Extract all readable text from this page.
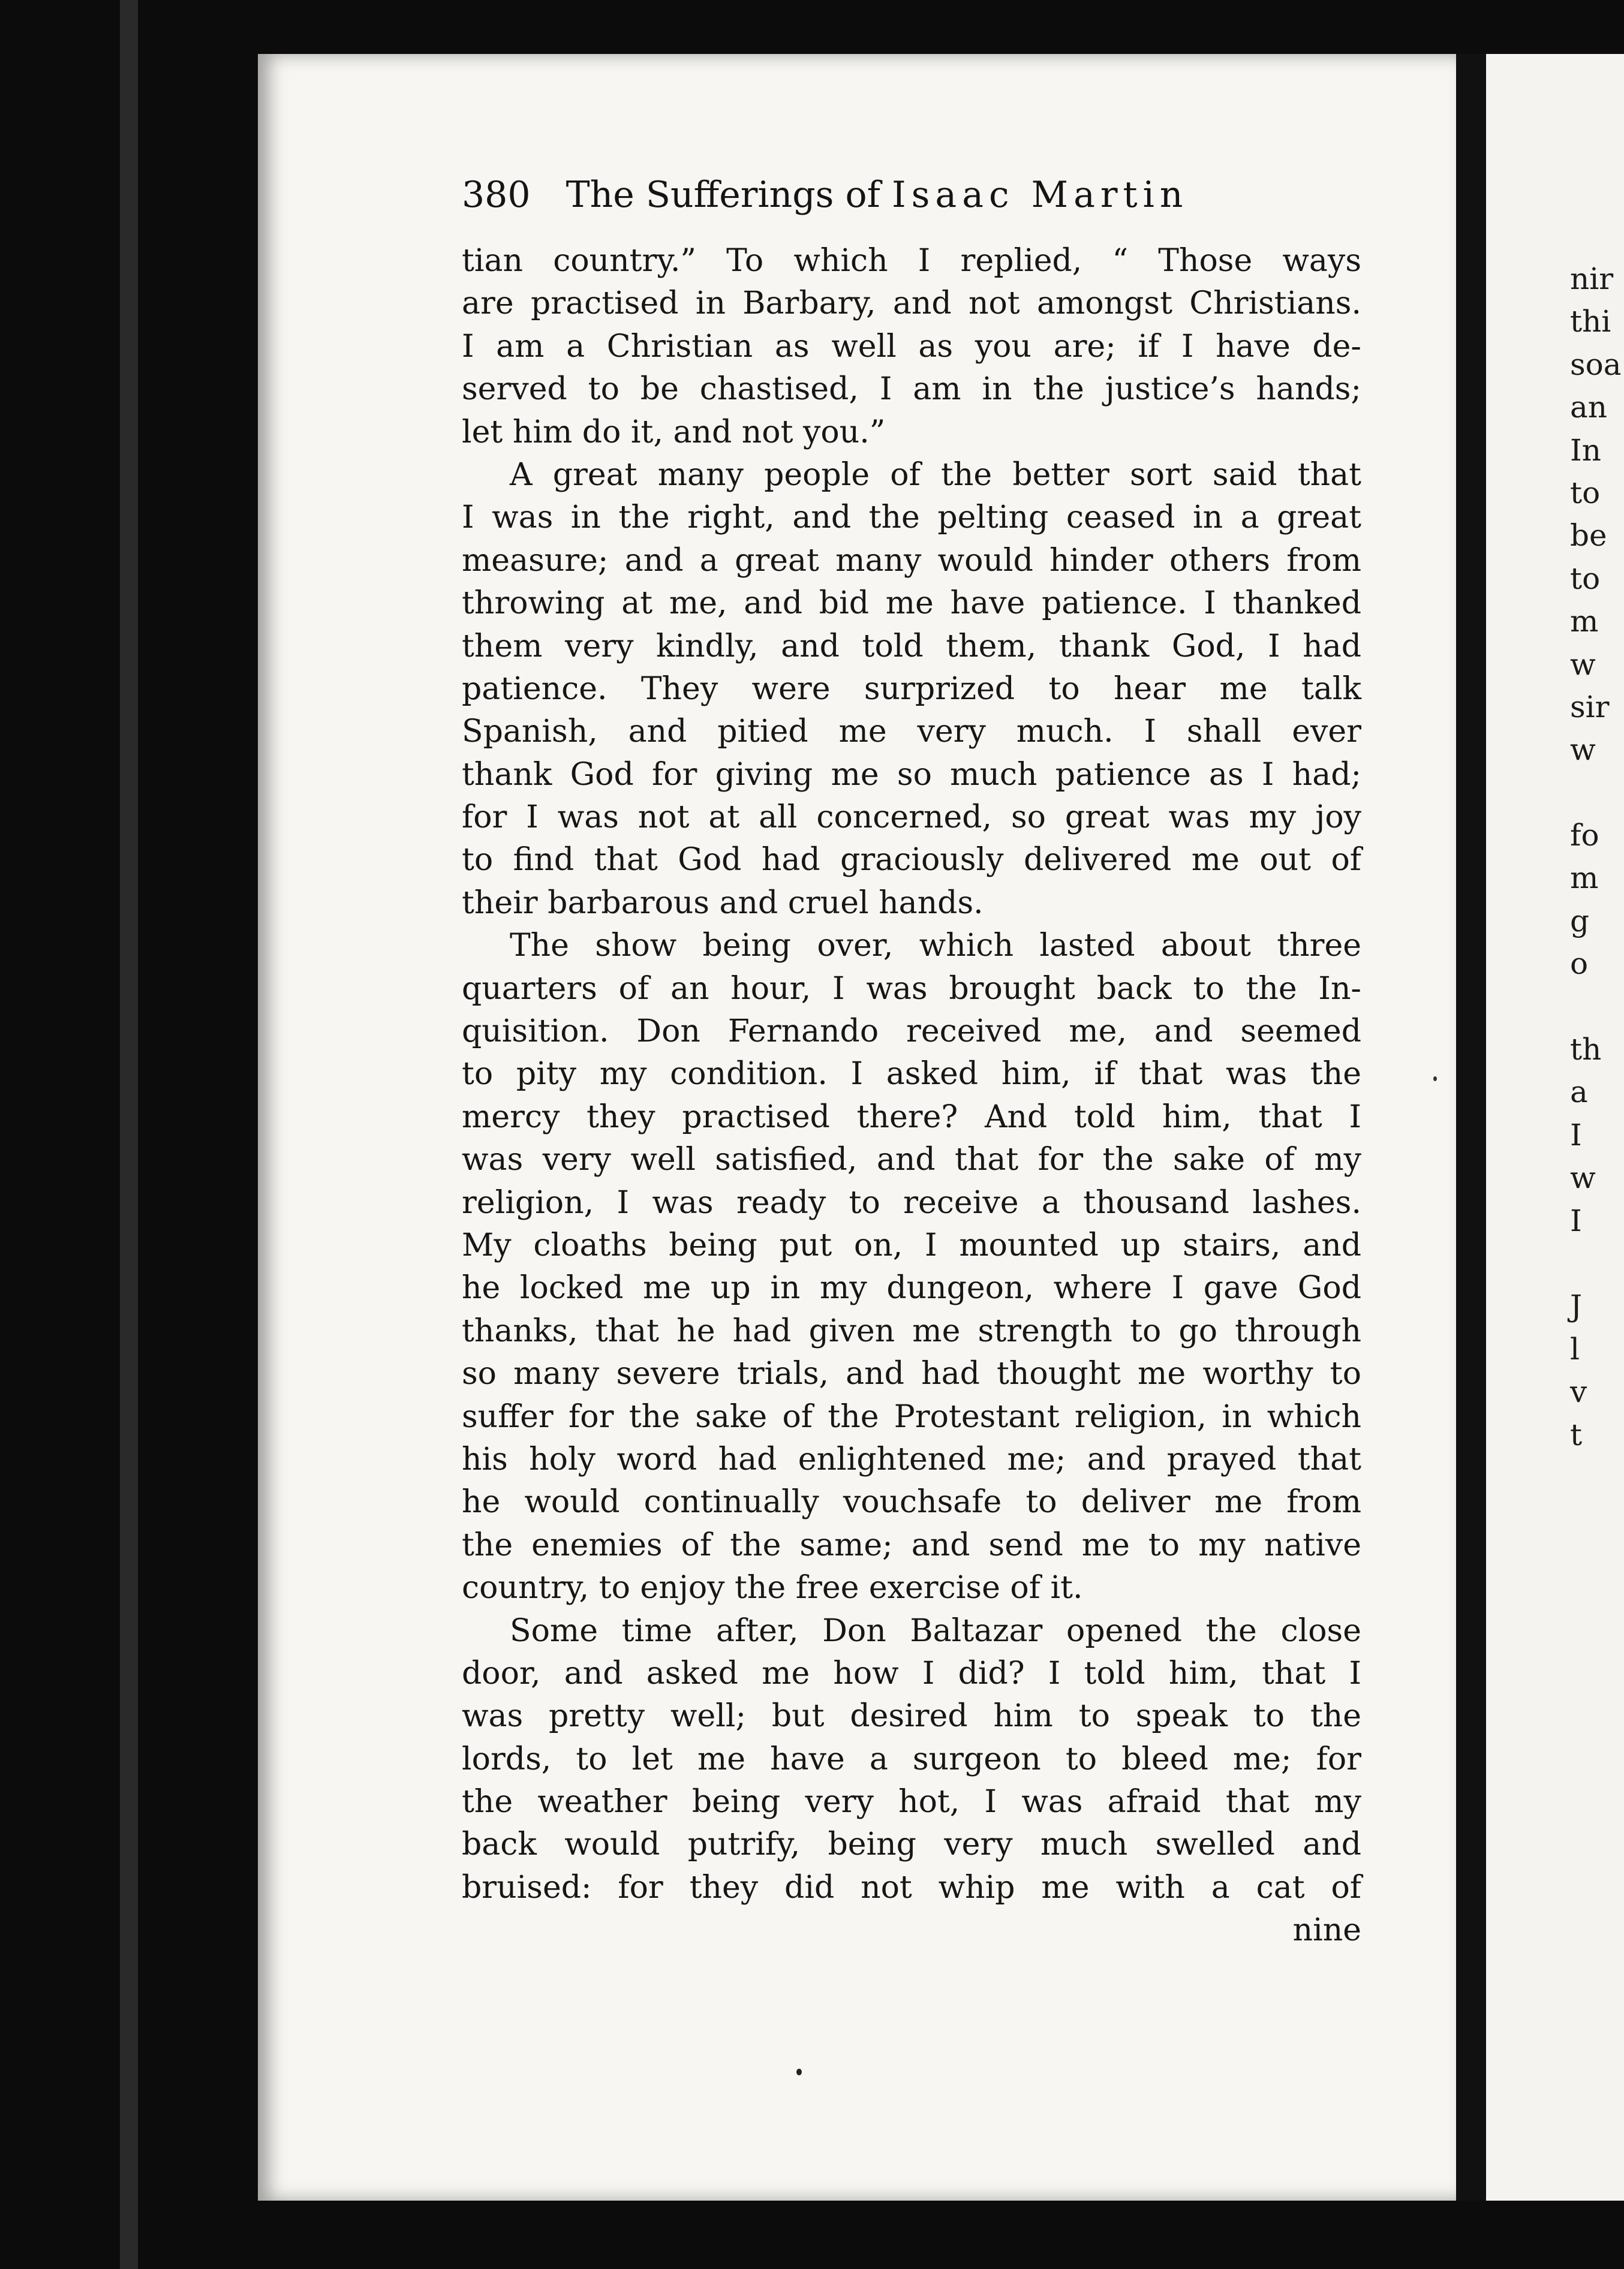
380 The Sufferings of Isaac Martin
tian country.” To which I replied, “ Those ways
are practised in Barbary, and not amongst Christians.
I am a Christian as well as you are; if I have de-
served to be chastised, I am in the justice’s hands;
let him do it, and not you.”
A great many people of the better sort said that
I was in the right, and the pelting ceased in a great
measure; and a great many would hinder others from
throwing at me, and bid me have patience. I thanked
them very kindly, and told them, thank God, I had
patience. They were surprized to hear me talk
Spanish, and pitied me very much. I shall ever
thank God for giving me so much patience as I had;
for I was not at all concerned, so great was my joy
to find that God had graciously delivered me out of
their barbarous and cruel hands.
The show being over, which lasted about three
quarters of an hour, I was brought back to the In-
quisition. Don Fernando received me, and seemed
to pity my condition. I asked him, if that was the
mercy they practised there? And told him, that I
was very well satisfied, and that for the sake of my
religion, I was ready to receive a thousand lashes.
My cloaths being put on, I mounted up stairs, and
he locked me up in my dungeon, where I gave God
thanks, that he had given me strength to go through
so many severe trials, and had thought me worthy to
suffer for the sake of the Protestant religion, in which
his holy word had enlightened me; and prayed that
he would continually vouchsafe to deliver me from
the enemies of the same; and send me to my native
country, to enjoy the free exercise of it.
Some time after, Don Baltazar opened the close
door, and asked me how I did? I told him, that I
was pretty well; but desired him to speak to the
lords, to let me have a surgeon to bleed me; for
the weather being very hot, I was afraid that my
back would putrify, being very much swelled and
bruised: for they did not whip me with a cat of
nine
nir
thi
soa
an
In
to
be
to
m
w
sir
w
fo
m
g
o
th
a
I
w
I
J
l
v
t
